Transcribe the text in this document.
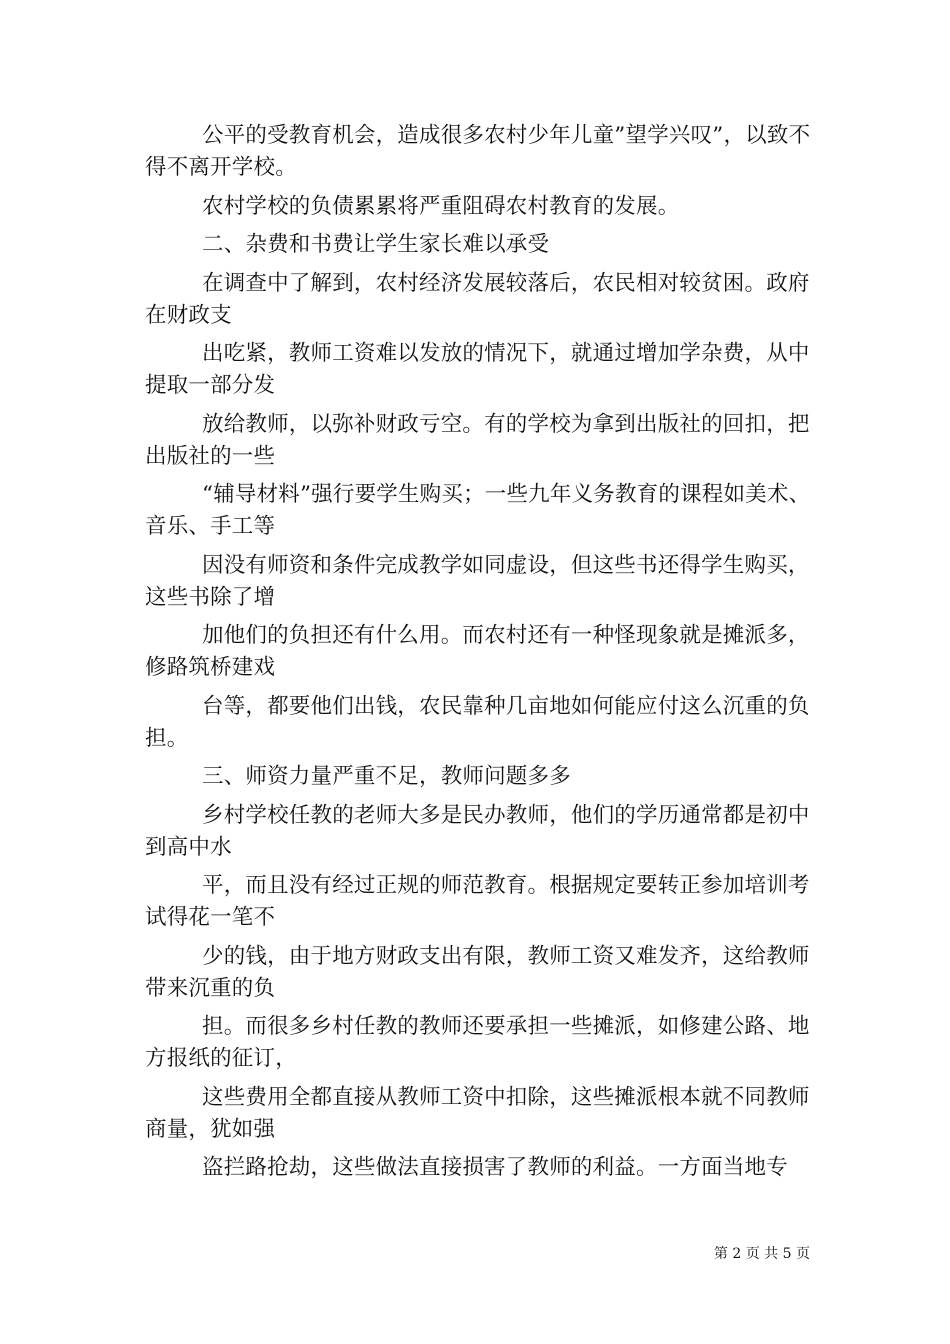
公平的受教育机会，造成很多农村少年儿童”望学兴叹”，以致不得不离开学校。

农村学校的负债累累将严重阻碍农村教育的发展。

二、杂费和书费让学生家长难以承受

在调查中了解到，农村经济发展较落后，农民相对较贫困。政府在财政支

出吃紧，教师工资难以发放的情况下，就通过增加学杂费，从中提取一部分发

放给教师，以弥补财政亏空。有的学校为拿到出版社的回扣，把出版社的一些

“辅导材料”强行要学生购买；一些九年义务教育的课程如美术、音乐、手工等

因没有师资和条件完成教学如同虚设，但这些书还得学生购买，这些书除了增

加他们的负担还有什么用。而农村还有一种怪现象就是摊派多，修路筑桥建戏

台等，都要他们出钱，农民靠种几亩地如何能应付这么沉重的负担。

三、师资力量严重不足，教师问题多多

乡村学校任教的老师大多是民办教师，他们的学历通常都是初中到高中水

平，而且没有经过正规的师范教育。根据规定要转正参加培训考试得花一笔不

少的钱，由于地方财政支出有限，教师工资又难发齐，这给教师带来沉重的负

担。而很多乡村任教的教师还要承担一些摊派，如修建公路、地方报纸的征订，

这些费用全都直接从教师工资中扣除，这些摊派根本就不同教师商量，犹如强

盗拦路抢劫，这些做法直接损害了教师的利益。一方面当地专

第 2 页 共 5 页
